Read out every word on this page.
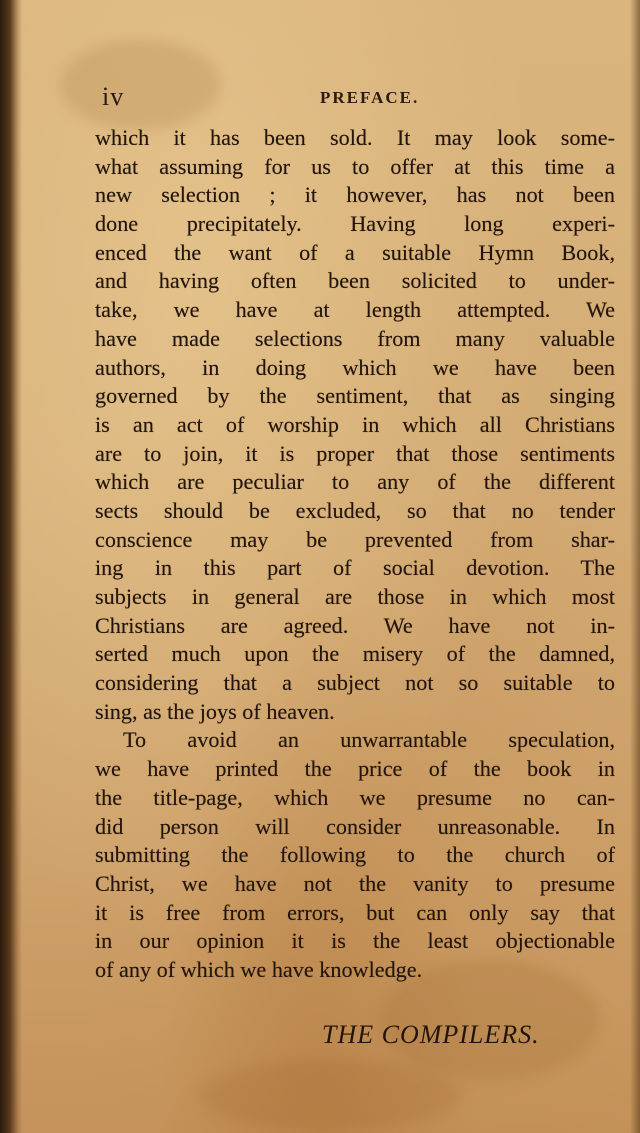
iv	PREFACE.
which it has been sold. It may look some-
what assuming for us to offer at this time a
new selection ; it however, has not been
done precipitately. Having long experi-
enced the want of a suitable Hymn Book,
and having often been solicited to under-
take, we have at length attempted. We
have made selections from many valuable
authors, in doing which we have been
governed by the sentiment, that as singing
is an act of worship in which all Christians
are to join, it is proper that those sentiments
which are peculiar to any of the different
sects should be excluded, so that no tender
conscience may be prevented from shar-
ing in this part of social devotion. The
subjects in general are those in which most
Christians are agreed. We have not in-
serted much upon the misery of the damned,
considering that a subject not so suitable to
sing, as the joys of heaven.
To avoid an unwarrantable speculation,
we have printed the price of the book in
the title-page, which we presume no can-
did person will consider unreasonable. In
submitting the following to the church of
Christ, we have not the vanity to presume
it is free from errors, but can only say that
in our opinion it is the least objectionable
of any of which we have knowledge.
THE COMPILERS.
